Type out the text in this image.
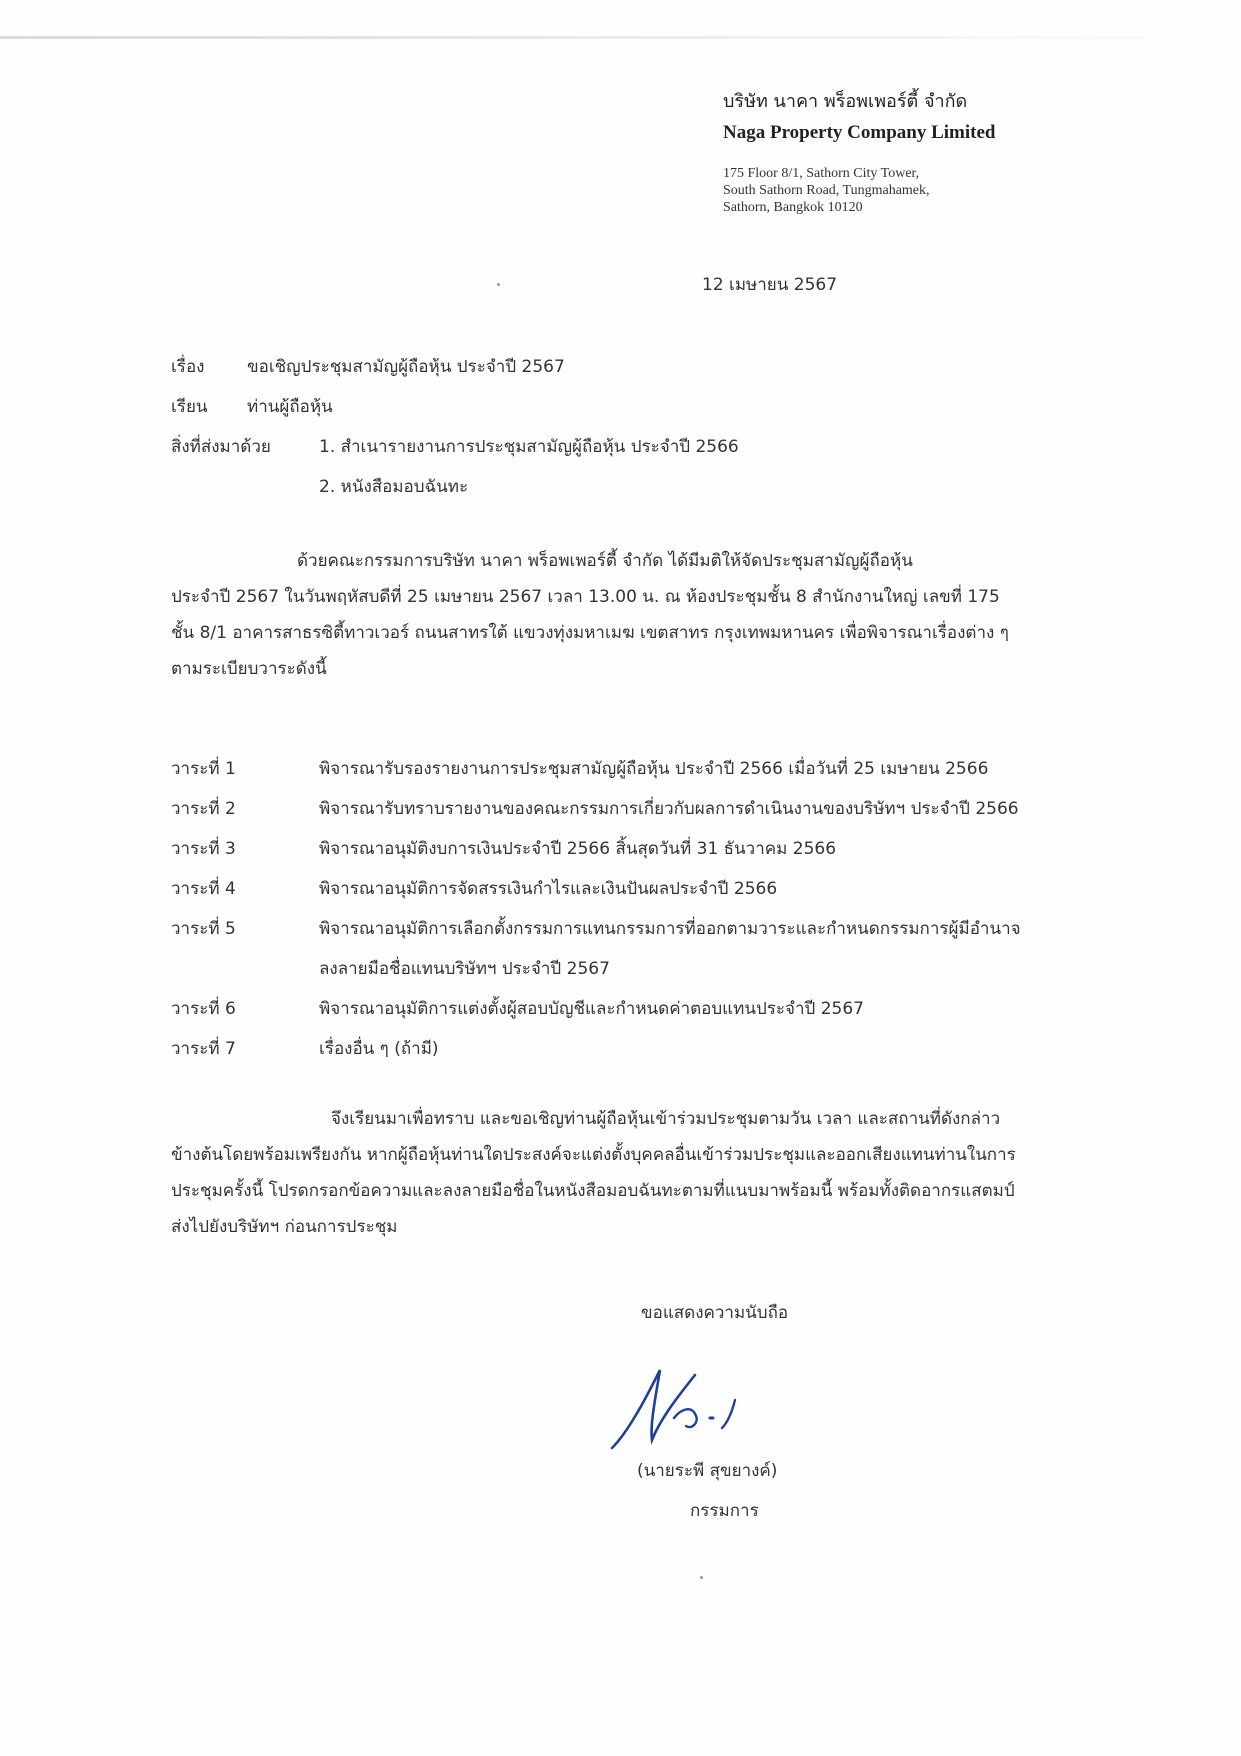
บริษัท นาคา พร็อพเพอร์ตี้ จำกัด
Naga Property Company Limited
175 Floor 8/1, Sathorn City Tower,
South Sathorn Road, Tungmahamek,
Sathorn, Bangkok 10120
12 เมษายน 2567
เรื่อง	ขอเชิญประชุมสามัญผู้ถือหุ้น ประจำปี 2567
เรียน ท่านผู้ถือหุ้น
สิ่งที่ส่งมาด้วย	1. สำเนารายงานการประชุมสามัญผู้ถือหุ้น ประจำปี 2566
2. หนังสือมอบฉันทะ
ด้วยคณะกรรมการบริษัท นาคา พร็อพเพอร์ตี้ จำกัด ได้มีมติให้จัดประชุมสามัญผู้ถือหุ้น
ประจำปี 2567 ในวันพฤหัสบดีที่ 25 เมษายน 2567 เวลา 13.00 น. ณ ห้องประชุมชั้น 8 สำนักงานใหญ่ เลขที่ 175
ชั้น 8/1 อาคารสาธรซิตี้ทาวเวอร์ ถนนสาทรใต้ แขวงทุ่งมหาเมฆ เขตสาทร กรุงเทพมหานคร เพื่อพิจารณาเรื่องต่าง ๆ
ตามระเบียบวาระดังนี้
วาระที่ 1	พิจารณารับรองรายงานการประชุมสามัญผู้ถือหุ้น ประจำปี 2566 เมื่อวันที่ 25 เมษายน 2566
วาระที่ 2	พิจารณารับทราบรายงานของคณะกรรมการเกี่ยวกับผลการดำเนินงานของบริษัทฯ ประจำปี 2566
วาระที่ 3	พิจารณาอนุมัติงบการเงินประจำปี 2566 สิ้นสุดวันที่ 31 ธันวาคม 2566
วาระที่ 4	พิจารณาอนุมัติการจัดสรรเงินกำไรและเงินปันผลประจำปี 2566
วาระที่ 5	พิจารณาอนุมัติการเลือกตั้งกรรมการแทนกรรมการที่ออกตามวาระและกำหนดกรรมการผู้มีอำนาจ
ลงลายมือชื่อแทนบริษัทฯ ประจำปี 2567
วาระที่ 6	พิจารณาอนุมัติการแต่งตั้งผู้สอบบัญชีและกำหนดค่าตอบแทนประจำปี 2567
วาระที่ 7	เรื่องอื่น ๆ (ถ้ามี)
จึงเรียนมาเพื่อทราบ และขอเชิญท่านผู้ถือหุ้นเข้าร่วมประชุมตามวัน เวลา และสถานที่ดังกล่าว
ข้างต้นโดยพร้อมเพรียงกัน หากผู้ถือหุ้นท่านใดประสงค์จะแต่งตั้งบุคคลอื่นเข้าร่วมประชุมและออกเสียงแทนท่านในการ
ประชุมครั้งนี้ โปรดกรอกข้อความและลงลายมือชื่อในหนังสือมอบฉันทะตามที่แนบมาพร้อมนี้ พร้อมทั้งติดอากรแสตมป์
ส่งไปยังบริษัทฯ ก่อนการประชุม
ขอแสดงความนับถือ
(นายระพี สุขยางค์)
กรรมการ
